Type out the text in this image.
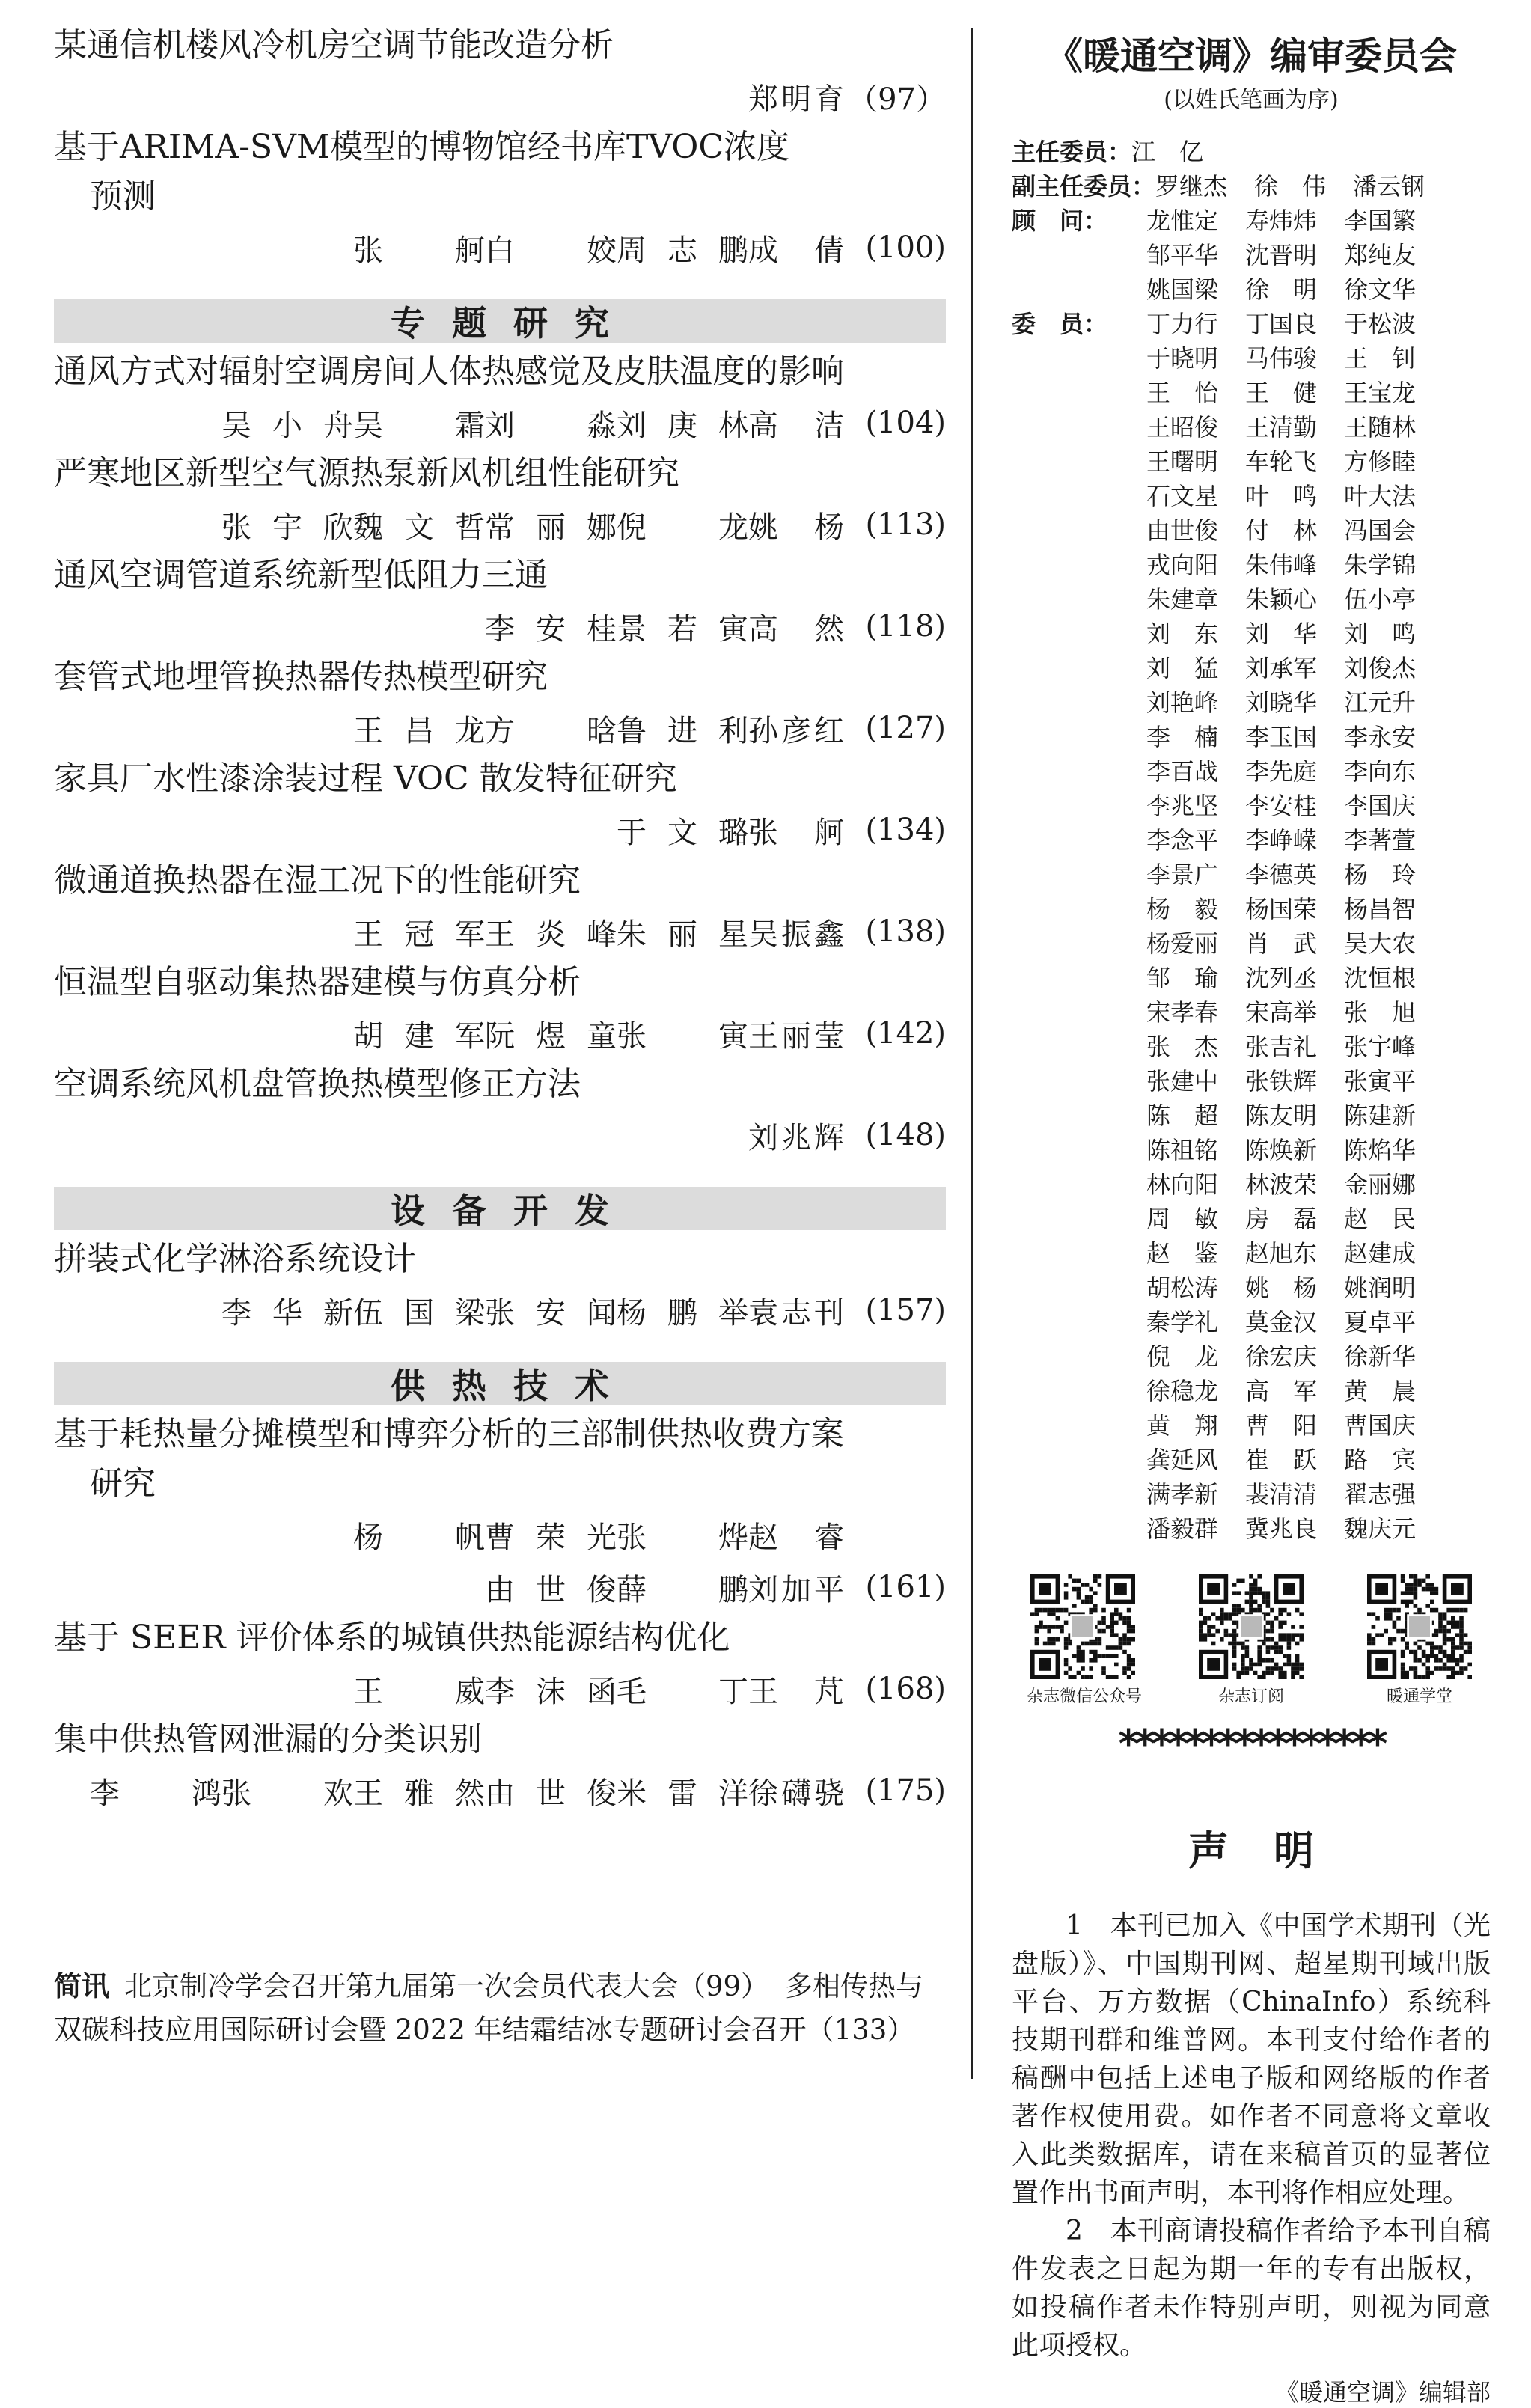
某通信机楼风冷机房空调节能改造分析
郑明育 （97）
基于ARIMA-SVM模型的博物馆经书库TVOC浓度
预测
张　舸 白　姣 周志鹏 成　倩 (100)
专题研究
通风方式对辐射空调房间人体热感觉及皮肤温度的影响
吴小舟 吴　霜 刘　淼 刘庚林 高　洁 (104)
严寒地区新型空气源热泵新风机组性能研究
张宇欣 魏文哲 常丽娜 倪　龙 姚　杨 (113)
通风空调管道系统新型低阻力三通
李安桂 景若寅 高　然 (118)
套管式地埋管换热器传热模型研究
王昌龙 方　晗 鲁进利 孙彦红 (127)
家具厂水性漆涂装过程 VOC 散发特征研究
于文璐 张　舸 (134)
微通道换热器在湿工况下的性能研究
王冠军 王炎峰 朱丽星 吴振鑫 (138)
恒温型自驱动集热器建模与仿真分析
胡建军 阮煜童 张　寅 王丽莹 (142)
空调系统风机盘管换热模型修正方法
刘兆辉 (148)
设备开发
拼装式化学淋浴系统设计
李华新 伍国梁 张安闻 杨鹏举 袁志刊 (157)
供热技术
基于耗热量分摊模型和博弈分析的三部制供热收费方案
研究
杨　帆 曹荣光 张　烨 赵　睿
由世俊 薛　鹏 刘加平 (161)
基于 SEER 评价体系的城镇供热能源结构优化
王　威 李沫函 毛　丁 王　芃 (168)
集中供热管网泄漏的分类识别
李　鸿 张　欢 王雅然 由世俊 米雷洋 徐礴骁 (175)
简讯 北京制冷学会召开第九届第一次会员代表大会（99） 多相传热与双碳科技应用国际研讨会暨 2022 年结霜结冰专题研讨会召开（133）
《暖通空调》编审委员会
(以姓氏笔画为序)
主任委员： 江　亿
副主任委员： 罗继杰	徐　伟	潘云钢
顾　问：	龙惟定	寿炜炜	李国繁
邹平华	沈晋明	郑纯友
姚国梁	徐　明	徐文华
委　员：	丁力行	丁国良	于松波
于晓明	马伟骏	王　钊
王　怡	王　健	王宝龙
王昭俊	王清勤	王随林
王曙明	车轮飞	方修睦
石文星	叶　鸣	叶大法
由世俊	付　林	冯国会
戎向阳	朱伟峰	朱学锦
朱建章	朱颖心	伍小亭
刘　东	刘　华	刘　鸣
刘　猛	刘承军	刘俊杰
刘艳峰	刘晓华	江元升
李　楠	李玉国	李永安
李百战	李先庭	李向东
李兆坚	李安桂	李国庆
李念平	李峥嵘	李著萱
李景广	李德英	杨　玲
杨　毅	杨国荣	杨昌智
杨爱丽	肖　武	吴大农
邹　瑜	沈列丞	沈恒根
宋孝春	宋高举	张　旭
张　杰	张吉礼	张宇峰
张建中	张铁辉	张寅平
陈　超	陈友明	陈建新
陈祖铭	陈焕新	陈焰华
林向阳	林波荣	金丽娜
周　敏	房　磊	赵　民
赵　鉴	赵旭东	赵建成
胡松涛	姚　杨	姚润明
秦学礼	莫金汉	夏卓平
倪　龙	徐宏庆	徐新华
徐稳龙	高　军	黄　晨
黄　翔	曹　阳	曹国庆
龚延风	崔　跃	路　宾
满孝新	裴清清	翟志强
潘毅群	冀兆良	魏庆元
杂志微信公众号	杂志订阅	暖通学堂
****************
声明

1　本刊已加入《中国学术期刊（光盘版）》、中国期刊网、超星期刊域出版平台、万方数据（ChinaInfo）系统科技期刊群和维普网。本刊支付给作者的稿酬中包括上述电子版和网络版的作者著作权使用费。如作者不同意将文章收入此类数据库，请在来稿首页的显著位置作出书面声明，本刊将作相应处理。

2　本刊商请投稿作者给予本刊自稿件发表之日起为期一年的专有出版权，如投稿作者未作特别声明，则视为同意此项授权。

《暖通空调》编辑部
